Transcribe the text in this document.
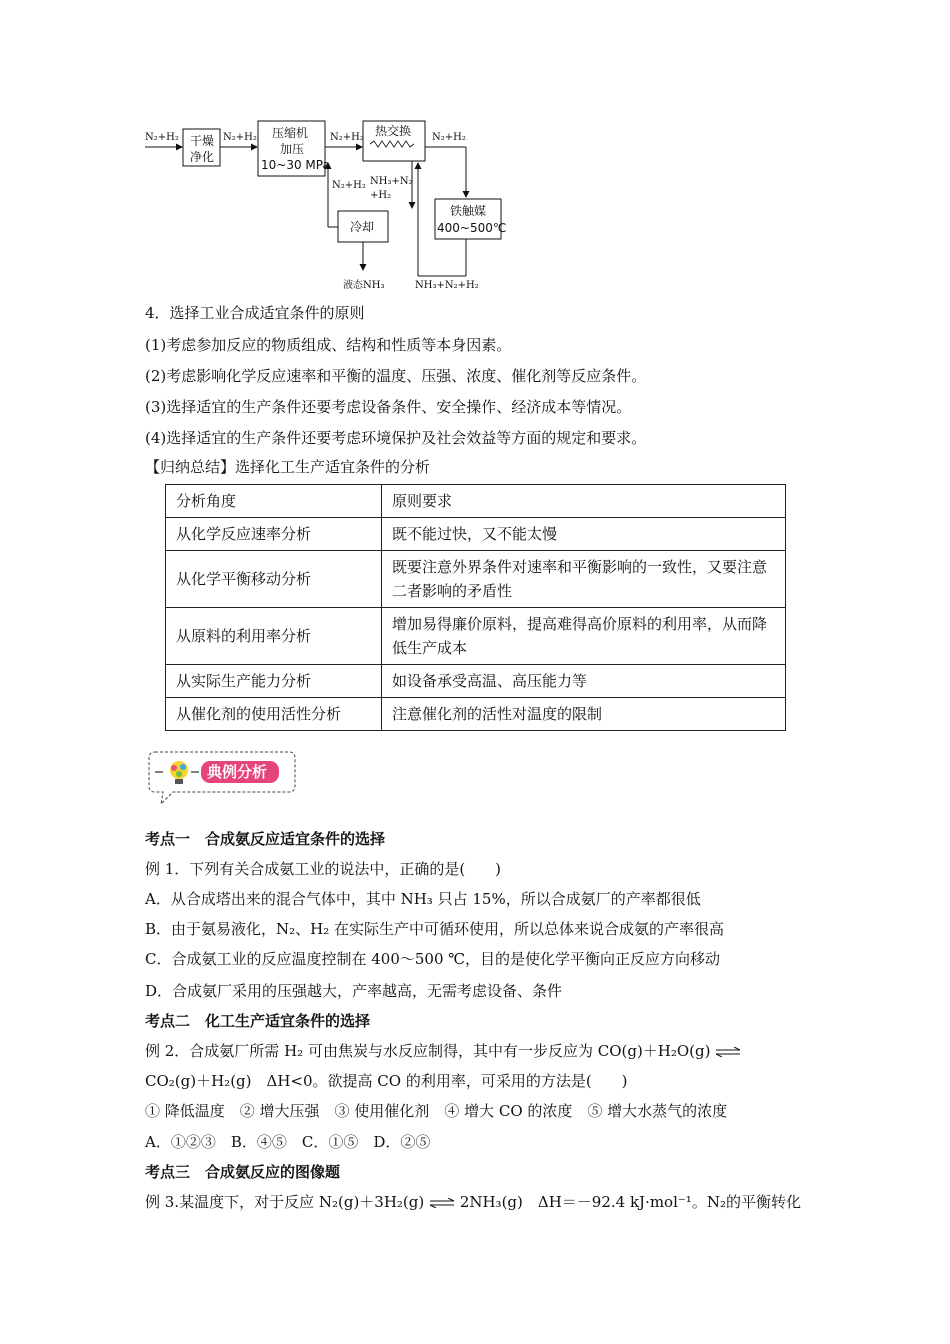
N₂+H₂ 干燥
净化
N₂+H₂ 压缩机
加压
10~30 MPa
N₂+H₂ 热交换 N₂+H₂
铁触媒
400~500℃
NH₃+N₂+H₂
NH₃+N₂
+H₂
N₂+H₂
冷却
液态NH₃
4．选择工业合成适宜条件的原则
(1)考虑参加反应的物质组成、结构和性质等本身因素。
(2)考虑影响化学反应速率和平衡的温度、压强、浓度、催化剂等反应条件。
(3)选择适宜的生产条件还要考虑设备条件、安全操作、经济成本等情况。
(4)选择适宜的生产条件还要考虑环境保护及社会效益等方面的规定和要求。
【归纳总结】选择化工生产适宜条件的分析
分析角度	原则要求
从化学反应速率分析	既不能过快，又不能太慢
从化学平衡移动分析	既要注意外界条件对速率和平衡影响的一致性，又要注意二者影响的矛盾性
从原料的利用率分析	增加易得廉价原料，提高难得高价原料的利用率，从而降低生产成本
从实际生产能力分析	如设备承受高温、高压能力等
从催化剂的使用活性分析	注意催化剂的活性对温度的限制
典例分析
考点一　合成氨反应适宜条件的选择
例 1．下列有关合成氨工业的说法中，正确的是(　　)
A．从合成塔出来的混合气体中，其中 NH₃ 只占 15%，所以合成氨厂的产率都很低
B．由于氨易液化，N₂、H₂ 在实际生产中可循环使用，所以总体来说合成氨的产率很高
C．合成氨工业的反应温度控制在 400～500 ℃，目的是使化学平衡向正反应方向移动
D．合成氨厂采用的压强越大，产率越高，无需考虑设备、条件
考点二　化工生产适宜条件的选择
例 2．合成氨厂所需 H₂ 可由焦炭与水反应制得，其中有一步反应为 CO(g)＋H₂O(g) ⇌
CO₂(g)＋H₂(g)　ΔH<0。欲提高 CO 的利用率，可采用的方法是(　　)
① 降低温度　② 增大压强　③ 使用催化剂　④ 增大 CO 的浓度　⑤ 增大水蒸气的浓度
A．①②③　B．④⑤　C．①⑤　D．②⑤
考点三　合成氨反应的图像题
例 3.某温度下，对于反应 N₂(g)＋3H₂(g) ⇌ 2NH₃(g)　ΔH＝－92.4 kJ·mol⁻¹。N₂的平衡转化
